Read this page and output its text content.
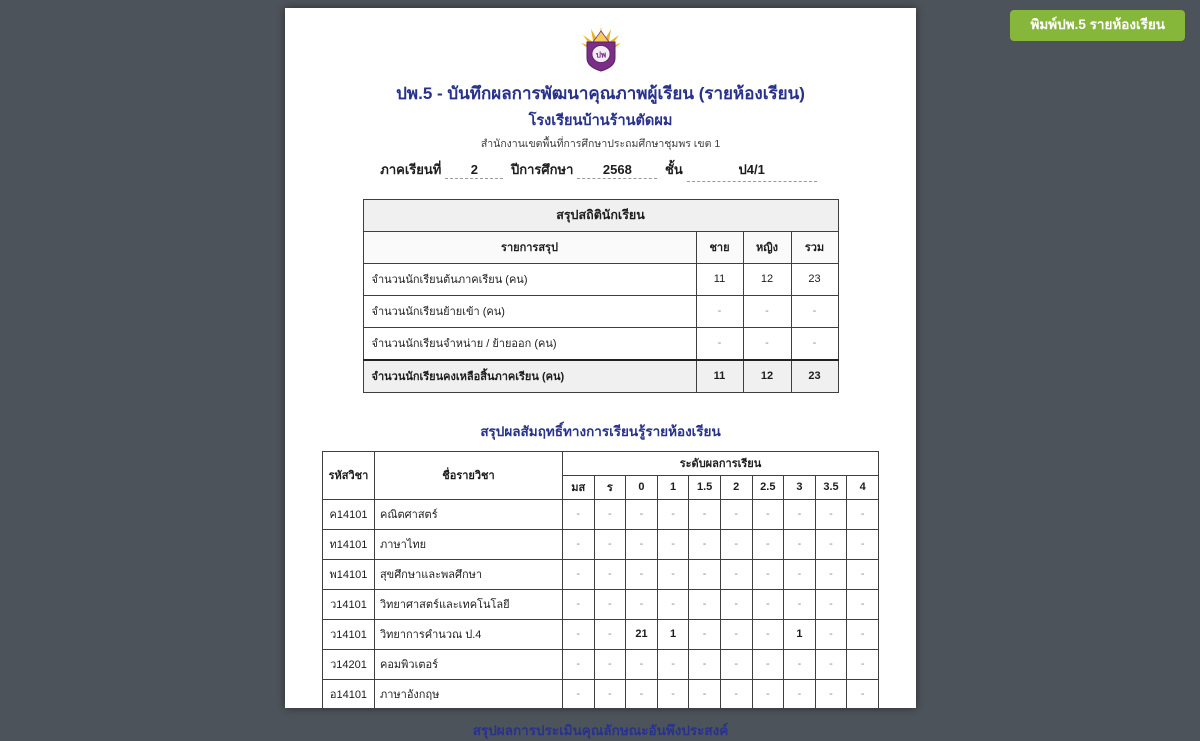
พิมพ์ปพ.5 รายห้องเรียน
ปพ
ปพ.5 - บันทึกผลการพัฒนาคุณภาพผู้เรียน (รายห้องเรียน)
โรงเรียนบ้านร้านตัดผม
สำนักงานเขตพื้นที่การศึกษาประถมศึกษาชุมพร เขต 1
ภาคเรียนที่ 2	ปีการศึกษา 2568	ชั้น	ป4/1
สรุปสถิตินักเรียน			
รายการสรุป	ชาย	หญิง	รวม
จำนวนนักเรียนต้นภาคเรียน (คน)	11	12	23
จำนวนนักเรียนย้ายเข้า (คน)	-	-	-
จำนวนนักเรียนจำหน่าย / ย้ายออก (คน)	-	-	-
จำนวนนักเรียนคงเหลือสิ้นภาคเรียน (คน)	11	12	23
สรุปผลสัมฤทธิ์ทางการเรียนรู้รายห้องเรียน
รหัสวิชา	ชื่อรายวิชา	ระดับผลการเรียน									
		มส	ร	0	1	1.5	2	2.5	3	3.5	4
ค14101	คณิตศาสตร์	-	-	-	-	-	-	-	-	-	-
ท14101	ภาษาไทย	-	-	-	-	-	-	-	-	-	-
พ14101	สุขศึกษาและพลศึกษา	-	-	-	-	-	-	-	-	-	-
ว14101	วิทยาศาสตร์และเทคโนโลยี	-	-	-	-	-	-	-	-	-	-
ว14101	วิทยาการคำนวณ ป.4	-	-	21	1	-	-	-	1	-	-
ว14201	คอมพิวเตอร์	-	-	-	-	-	-	-	-	-	-
อ14101	ภาษาอังกฤษ	-	-	-	-	-	-	-	-	-	-
สรุปผลการประเมินคุณลักษณะอันพึงประสงค์
